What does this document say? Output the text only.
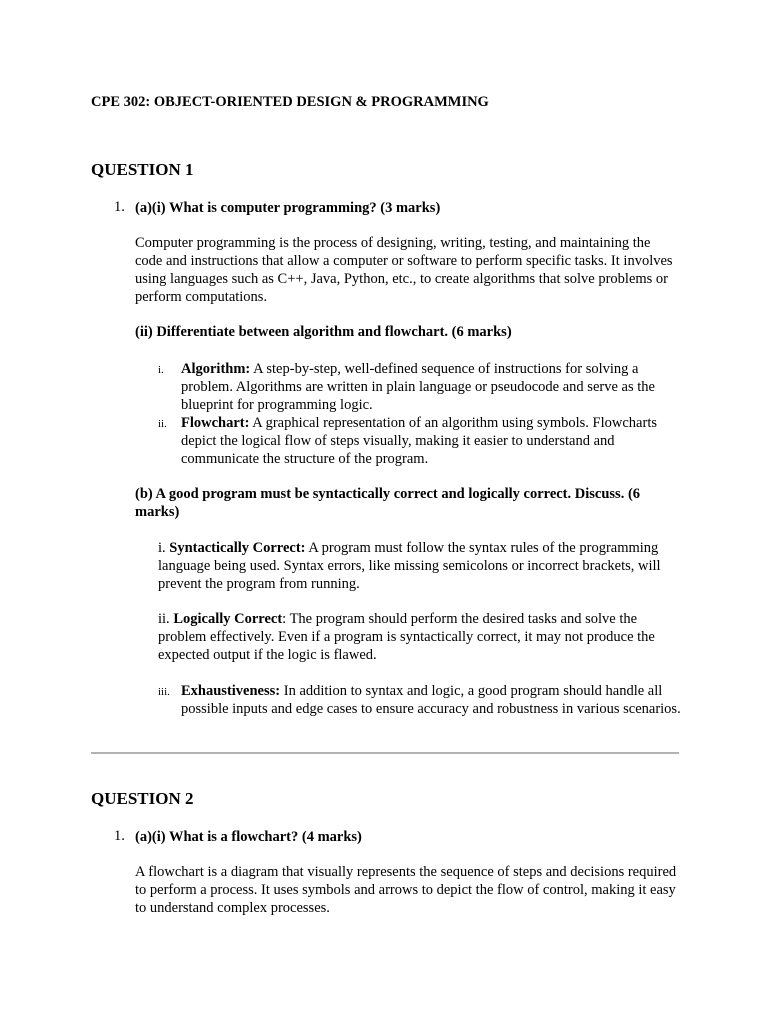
CPE 302: OBJECT-ORIENTED DESIGN & PROGRAMMING

QUESTION 1

1. (a)(i) What is computer programming? (3 marks)

Computer programming is the process of designing, writing, testing, and maintaining the code and instructions that allow a computer or software to perform specific tasks. It involves using languages such as C++, Java, Python, etc., to create algorithms that solve problems or perform computations.

(ii) Differentiate between algorithm and flowchart. (6 marks)

i. Algorithm: A step-by-step, well-defined sequence of instructions for solving a problem. Algorithms are written in plain language or pseudocode and serve as the blueprint for programming logic.

ii. Flowchart: A graphical representation of an algorithm using symbols. Flowcharts depict the logical flow of steps visually, making it easier to understand and communicate the structure of the program.

(b) A good program must be syntactically correct and logically correct. Discuss. (6 marks)

i. Syntactically Correct: A program must follow the syntax rules of the programming language being used. Syntax errors, like missing semicolons or incorrect brackets, will prevent the program from running.

ii. Logically Correct: The program should perform the desired tasks and solve the problem effectively. Even if a program is syntactically correct, it may not produce the expected output if the logic is flawed.

iii. Exhaustiveness: In addition to syntax and logic, a good program should handle all possible inputs and edge cases to ensure accuracy and robustness in various scenarios.

QUESTION 2

1. (a)(i) What is a flowchart? (4 marks)

A flowchart is a diagram that visually represents the sequence of steps and decisions required to perform a process. It uses symbols and arrows to depict the flow of control, making it easy to understand complex processes.
